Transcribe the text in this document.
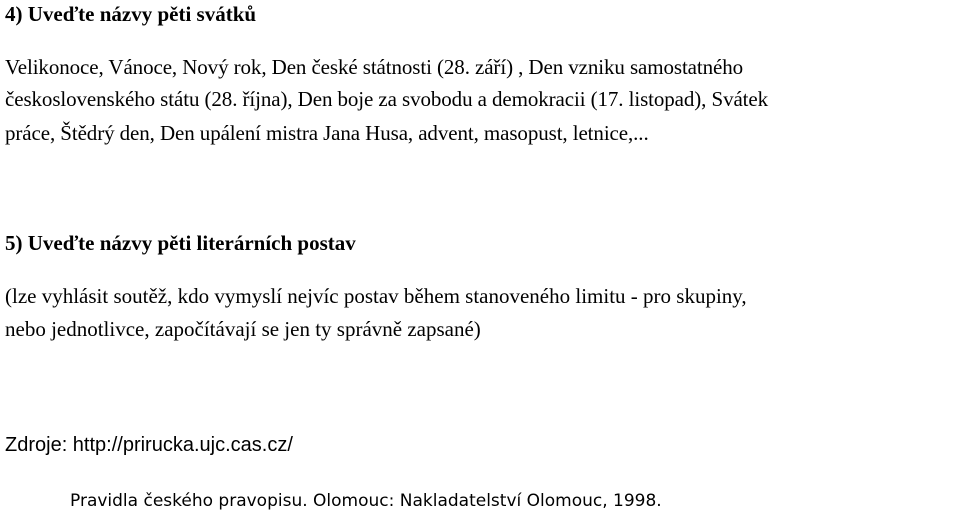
4) Uveďte názvy pěti svátků
Velikonoce, Vánoce, Nový rok, Den české státnosti (28. září) , Den vzniku samostatného
československého státu (28. října), Den boje za svobodu a demokracii (17. listopad), Svátek
práce, Štědrý den, Den upálení mistra Jana Husa, advent, masopust, letnice,...
5) Uveďte názvy pěti literárních postav
(lze vyhlásit soutěž, kdo vymyslí nejvíc postav během stanoveného limitu - pro skupiny,
nebo jednotlivce, započítávají se jen ty správně zapsané)
Zdroje: http://prirucka.ujc.cas.cz/
Pravidla českého pravopisu. Olomouc: Nakladatelství Olomouc, 1998.
